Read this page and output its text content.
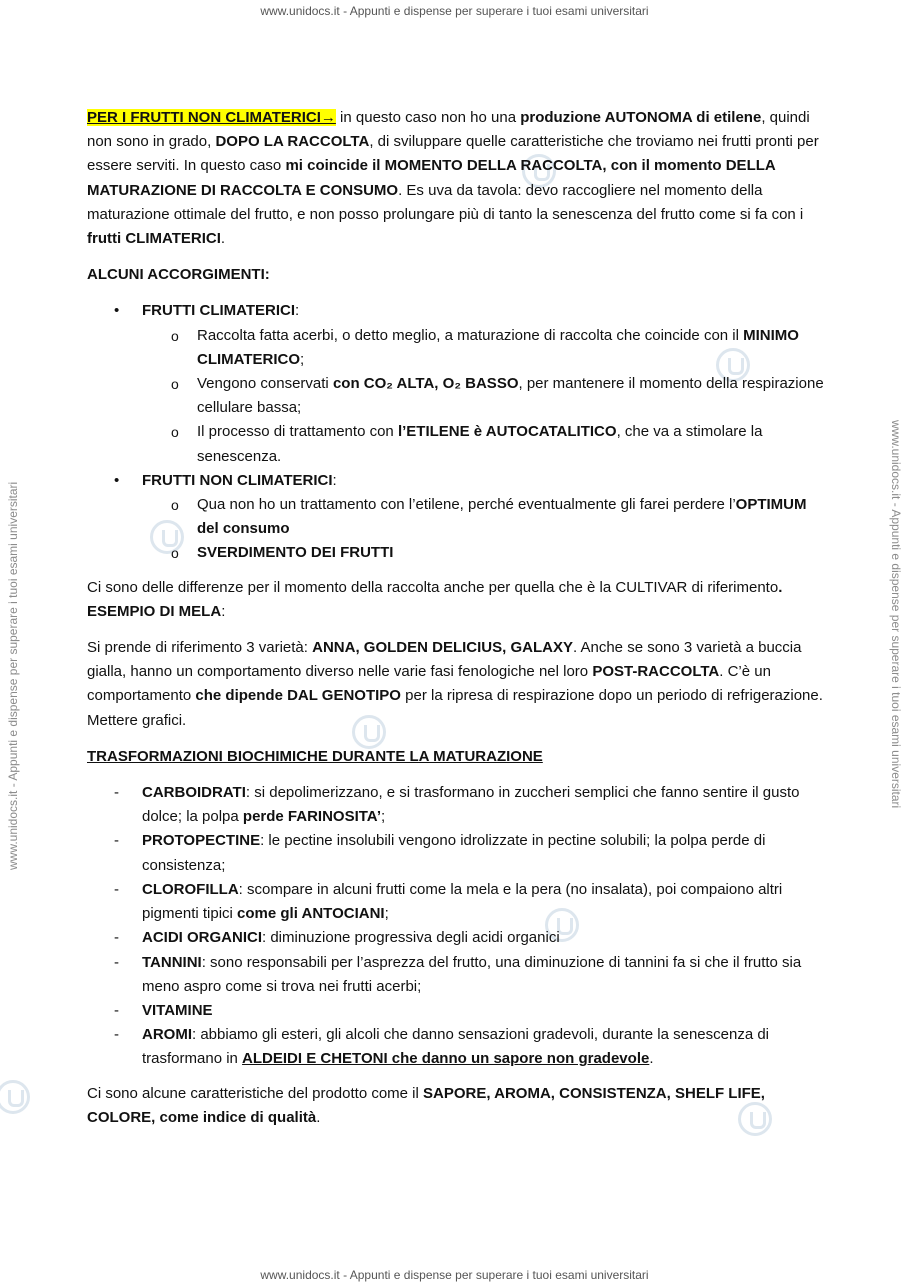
www.unidocs.it - Appunti e dispense per superare i tuoi esami universitari
www.unidocs.it - Appunti e dispense per superare i tuoi esami universitari	www.unidocs.it - Appunti e dispense per superare i tuoi esami universitari

PER I FRUTTI NON CLIMATERICI→ in questo caso non ho una produzione AUTONOMA di etilene, quindi non sono in grado, DOPO LA RACCOLTA, di sviluppare quelle caratteristiche che troviamo nei frutti pronti per essere serviti. In questo caso mi coincide il MOMENTO DELLA RACCOLTA, con il momento DELLA MATURAZIONE DI RACCOLTA E CONSUMO. Es uva da tavola: devo raccogliere nel momento della maturazione ottimale del frutto, e non posso prolungare più di tanto la senescenza del frutto come si fa con i frutti CLIMATERICI.

ALCUNI ACCORGIMENTI:

• FRUTTI CLIMATERICI:
o Raccolta fatta acerbi, o detto meglio, a maturazione di raccolta che coincide con il MINIMO CLIMATERICO;
o Vengono conservati con CO₂ ALTA, O₂ BASSO, per mantenere il momento della respirazione cellulare bassa;
o Il processo di trattamento con l’ETILENE è AUTOCATALITICO, che va a stimolare la senescenza.
• FRUTTI NON CLIMATERICI:
o Qua non ho un trattamento con l’etilene, perché eventualmente gli farei perdere l’OPTIMUM del consumo
o SVERDIMENTO DEI FRUTTI

Ci sono delle differenze per il momento della raccolta anche per quella che è la CULTIVAR di riferimento. ESEMPIO DI MELA:

Si prende di riferimento 3 varietà: ANNA, GOLDEN DELICIUS, GALAXY. Anche se sono 3 varietà a buccia gialla, hanno un comportamento diverso nelle varie fasi fenologiche nel loro POST-RACCOLTA. C’è un comportamento che dipende DAL GENOTIPO per la ripresa di respirazione dopo un periodo di refrigerazione. Mettere grafici.

TRASFORMAZIONI BIOCHIMICHE DURANTE LA MATURAZIONE

- CARBOIDRATI: si depolimerizzano, e si trasformano in zuccheri semplici che fanno sentire il gusto dolce; la polpa perde FARINOSITA’;
- PROTOPECTINE: le pectine insolubili vengono idrolizzate in pectine solubili; la polpa perde di consistenza;
- CLOROFILLA: scompare in alcuni frutti come la mela e la pera (no insalata), poi compaiono altri pigmenti tipici come gli ANTOCIANI;
- ACIDI ORGANICI: diminuzione progressiva degli acidi organici
- TANNINI: sono responsabili per l’asprezza del frutto, una diminuzione di tannini fa si che il frutto sia meno aspro come si trova nei frutti acerbi;
- VITAMINE
- AROMI: abbiamo gli esteri, gli alcoli che danno sensazioni gradevoli, durante la senescenza di trasformano in ALDEIDI E CHETONI che danno un sapore non gradevole.

Ci sono alcune caratteristiche del prodotto come il SAPORE, AROMA, CONSISTENZA, SHELF LIFE, COLORE, come indice di qualità.

www.unidocs.it - Appunti e dispense per superare i tuoi esami universitari
